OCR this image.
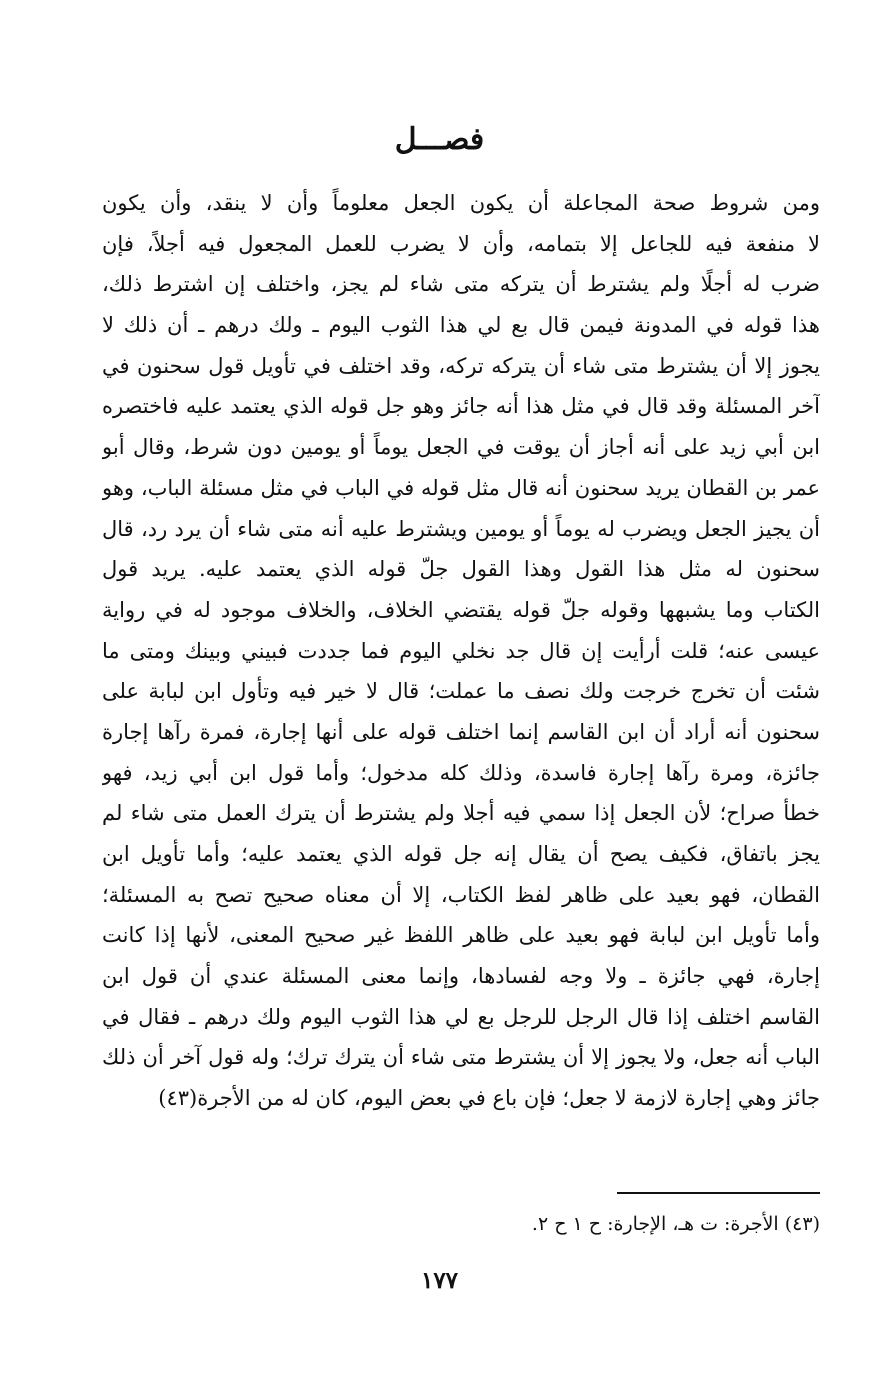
فصـــل
ومن شروط صحة المجاعلة أن يكون الجعل معلوماً وأن لا ينقد، وأن يكون
لا منفعة فيه للجاعل إلا بتمامه، وأن لا يضرب للعمل المجعول فيه أجلاً، فإن
ضرب له أجلًا ولم يشترط أن يتركه متى شاء لم يجز، واختلف إن اشترط ذلك،
هذا قوله في المدونة فيمن قال بع لي هذا الثوب اليوم ـ ولك درهم ـ أن ذلك لا
يجوز إلا أن يشترط متى شاء أن يتركه تركه، وقد اختلف في تأويل قول سحنون في
آخر المسئلة وقد قال في مثل هذا أنه جائز وهو جل قوله الذي يعتمد عليه فاختصره
ابن أبي زيد على أنه أجاز أن يوقت في الجعل يوماً أو يومين دون شرط، وقال أبو
عمر بن القطان يريد سحنون أنه قال مثل قوله في الباب في مثل مسئلة الباب، وهو
أن يجيز الجعل ويضرب له يوماً أو يومين ويشترط عليه أنه متى شاء أن يرد رد، قال
سحنون له مثل هذا القول وهذا القول جلّ قوله الذي يعتمد عليه. يريد قول
الكتاب وما يشبهها وقوله جلّ قوله يقتضي الخلاف، والخلاف موجود له في رواية
عيسى عنه؛ قلت أرأيت إن قال جد نخلي اليوم فما جددت فبيني وبينك ومتى ما
شئت أن تخرج خرجت ولك نصف ما عملت؛ قال لا خير فيه وتأول ابن لبابة على
سحنون أنه أراد أن ابن القاسم إنما اختلف قوله على أنها إجارة، فمرة رآها إجارة
جائزة، ومرة رآها إجارة فاسدة، وذلك كله مدخول؛ وأما قول ابن أبي زيد، فهو
خطأ صراح؛ لأن الجعل إذا سمي فيه أجلا ولم يشترط أن يترك العمل متى شاء لم
يجز باتفاق، فكيف يصح أن يقال إنه جل قوله الذي يعتمد عليه؛ وأما تأويل ابن
القطان، فهو بعيد على ظاهر لفظ الكتاب، إلا أن معناه صحيح تصح به المسئلة؛
وأما تأويل ابن لبابة فهو بعيد على ظاهر اللفظ غير صحيح المعنى، لأنها إذا كانت
إجارة، فهي جائزة ـ ولا وجه لفسادها، وإنما معنى المسئلة عندي أن قول ابن
القاسم اختلف إذا قال الرجل للرجل بع لي هذا الثوب اليوم ولك درهم ـ فقال في
الباب أنه جعل، ولا يجوز إلا أن يشترط متى شاء أن يترك ترك؛ وله قول آخر أن ذلك
جائز وهي إجارة لازمة لا جعل؛ فإن باع في بعض اليوم، كان له من الأجرة(٤٣)
(٤٣) الأجرة: ت هـ، الإجارة: ح ١ ح ٢.
١٧٧
